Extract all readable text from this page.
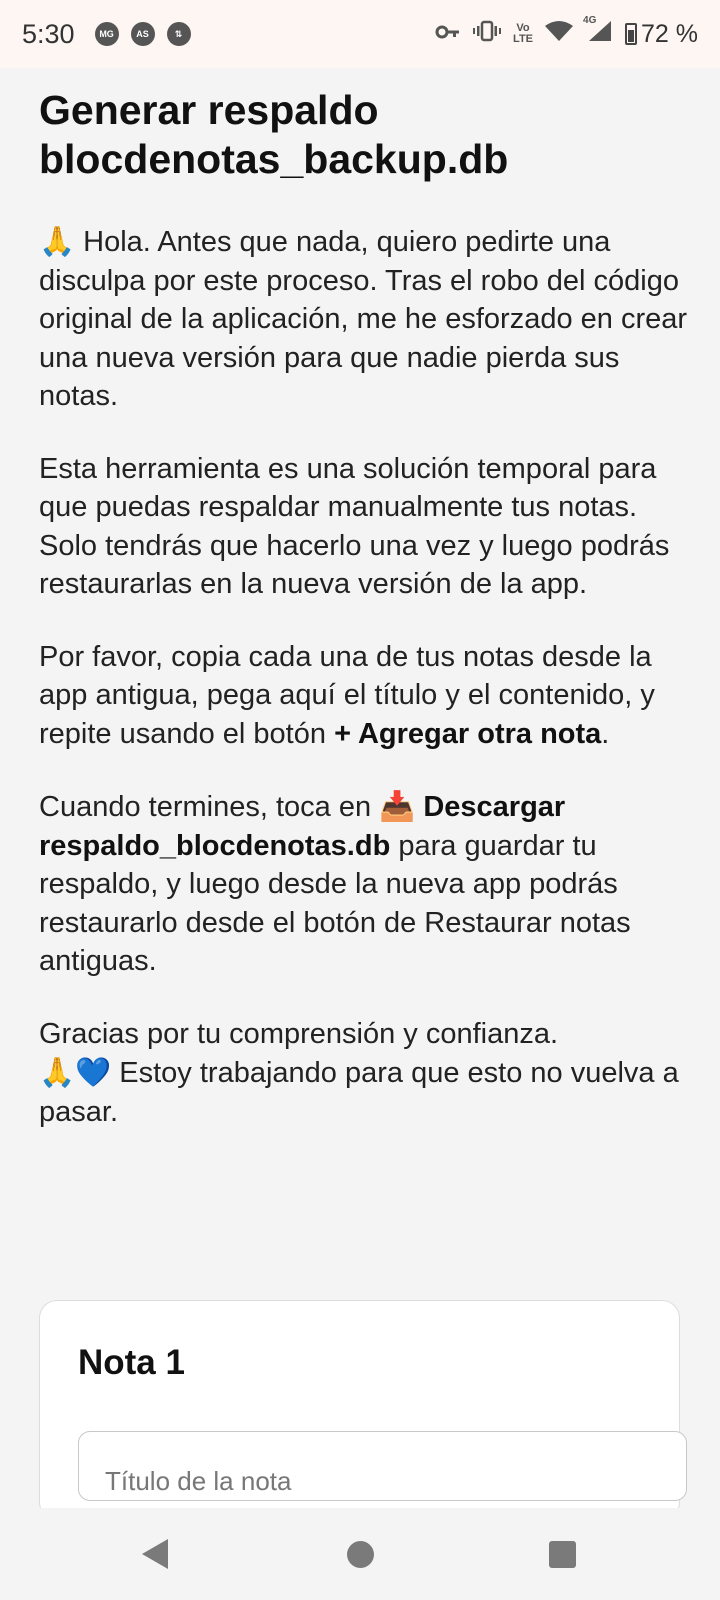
5:30	MG	AS	⇅	Vo
LTE
4G 72 %
Generar respaldo
blocdenotas_backup.db

🙏 Hola. Antes que nada, quiero pedirte una disculpa por este proceso. Tras el robo del código original de la aplicación, me he esforzado en crear una nueva versión para que nadie pierda sus notas.

Esta herramienta es una solución temporal para que puedas respaldar manualmente tus notas. Solo tendrás que hacerlo una vez y luego podrás restaurarlas en la nueva versión de la app.

Por favor, copia cada una de tus notas desde la app antigua, pega aquí el título y el contenido, y repite usando el botón + Agregar otra nota.

Cuando termines, toca en 📥 Descargar respaldo_blocdenotas.db para guardar tu respaldo, y luego desde la nueva app podrás restaurarlo desde el botón de Restaurar notas antiguas.

Gracias por tu comprensión y confianza.
🙏💙 Estoy trabajando para que esto no vuelva a pasar.

Nota 1
Título de la nota
